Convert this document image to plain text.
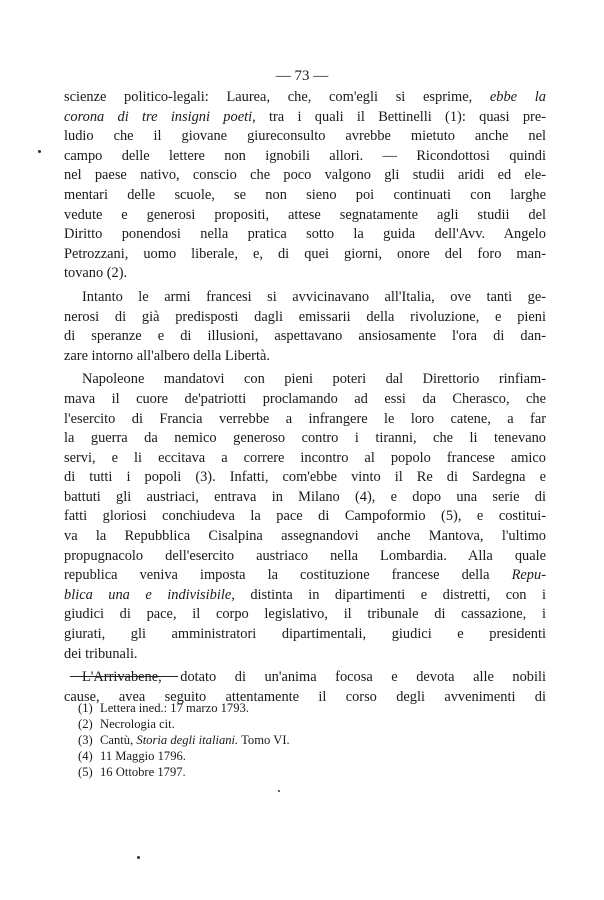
— 73 —
scienze politico-legali: Laurea, che, com'egli si esprime, ebbe la
corona di tre insigni poeti, tra i quali il Bettinelli (1): quasi pre-
ludio che il giovane giureconsulto avrebbe mietuto anche nel
campo delle lettere non ignobili allori. — Ricondottosi quindi
nel paese nativo, conscio che poco valgono gli studii aridi ed ele-
mentari delle scuole, se non sieno poi continuati con larghe
vedute e generosi propositi, attese segnatamente agli studii del
Diritto ponendosi nella pratica sotto la guida dell'Avv. Angelo
Petrozzani, uomo liberale, e, di quei giorni, onore del foro man-
tovano (2).
Intanto le armi francesi si avvicinavano all'Italia, ove tanti ge-
nerosi di già predisposti dagli emissarii della rivoluzione, e pieni
di speranze e di illusioni, aspettavano ansiosamente l'ora di dan-
zare intorno all'albero della Libertà.
Napoleone mandatovi con pieni poteri dal Direttorio rinfiam-
mava il cuore de'patriotti proclamando ad essi da Cherasco, che
l'esercito di Francia verrebbe a infrangere le loro catene, a far
la guerra da nemico generoso contro i tiranni, che li tenevano
servi, e li eccitava a correre incontro al popolo francese amico
di tutti i popoli (3). Infatti, com'ebbe vinto il Re di Sardegna e
battuti gli austriaci, entrava in Milano (4), e dopo una serie di
fatti gloriosi conchiudeva la pace di Campoformio (5), e costitui-
va la Repubblica Cisalpina assegnandovi anche Mantova, l'ultimo
propugnacolo dell'esercito austriaco nella Lombardia. Alla quale
republica veniva imposta la costituzione francese della Repu-
blica una e indivisibile, distinta in dipartimenti e distretti, con i
giudici di pace, il corpo legislativo, il tribunale di cassazione, i
giurati, gli amministratori dipartimentali, giudici e presidenti
dei tribunali.
L'Arrivabene, dotato di un'anima focosa e devota alle nobili
cause, avea seguito attentamente il corso degli avvenimenti di
(1) Lettera ined.: 17 marzo 1793.
(2) Necrologia cit.
(3) Cantù, Storia degli italiani. Tomo VI.
(4) 11 Maggio 1796.
(5) 16 Ottobre 1797.
